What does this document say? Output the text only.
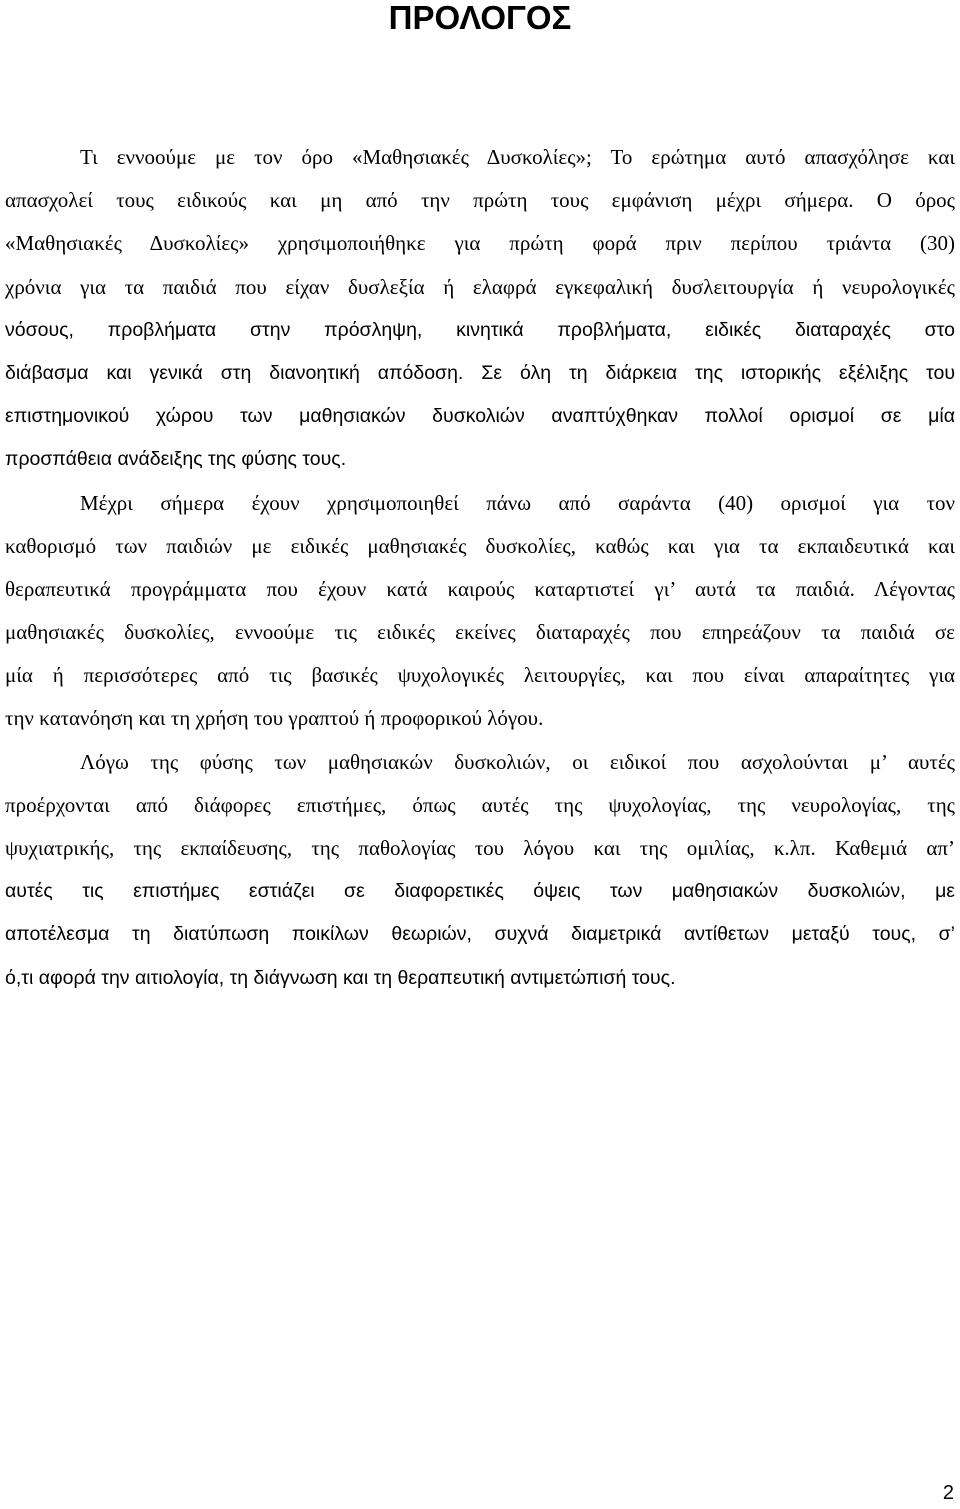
ΠΡΟΛΟΓΟΣ
Τι εννοούμε με τον όρο «Μαθησιακές Δυσκολίες»; Το ερώτημα αυτό απασχόλησε και
απασχολεί τους ειδικούς και μη από την πρώτη τους εμφάνιση μέχρι σήμερα. Ο όρος
«Μαθησιακές Δυσκολίες» χρησιμοποιήθηκε για πρώτη φορά πριν περίπου τριάντα (30)
χρόνια για τα παιδιά που είχαν δυσλεξία ή ελαφρά εγκεφαλική δυσλειτουργία ή νευρολογικές
νόσους, προβλήματα στην πρόσληψη, κινητικά προβλήματα, ειδικές διαταραχές στο
διάβασμα και γενικά στη διανοητική απόδοση. Σε όλη τη διάρκεια της ιστορικής εξέλιξης του
επιστημονικού χώρου των μαθησιακών δυσκολιών αναπτύχθηκαν πολλοί ορισμοί σε μία
προσπάθεια ανάδειξης της φύσης τους.
Μέχρι σήμερα έχουν χρησιμοποιηθεί πάνω από σαράντα (40) ορισμοί για τον
καθορισμό των παιδιών με ειδικές μαθησιακές δυσκολίες, καθώς και για τα εκπαιδευτικά και
θεραπευτικά προγράμματα που έχουν κατά καιρούς καταρτιστεί γι’ αυτά τα παιδιά. Λέγοντας
μαθησιακές δυσκολίες, εννοούμε τις ειδικές εκείνες διαταραχές που επηρεάζουν τα παιδιά σε
μία ή περισσότερες από τις βασικές ψυχολογικές λειτουργίες, και που είναι απαραίτητες για
την κατανόηση και τη χρήση του γραπτού ή προφορικού λόγου.
Λόγω της φύσης των μαθησιακών δυσκολιών, οι ειδικοί που ασχολούνται μ’ αυτές
προέρχονται από διάφορες επιστήμες, όπως αυτές της ψυχολογίας, της νευρολογίας, της
ψυχιατρικής, της εκπαίδευσης, της παθολογίας του λόγου και της ομιλίας, κ.λπ. Καθεμιά απ’
αυτές τις επιστήμες εστιάζει σε διαφορετικές όψεις των μαθησιακών δυσκολιών, με
αποτέλεσμα τη διατύπωση ποικίλων θεωριών, συχνά διαμετρικά αντίθετων μεταξύ τους, σ’
ό,τι αφορά την αιτιολογία, τη διάγνωση και τη θεραπευτική αντιμετώπισή τους.
2
